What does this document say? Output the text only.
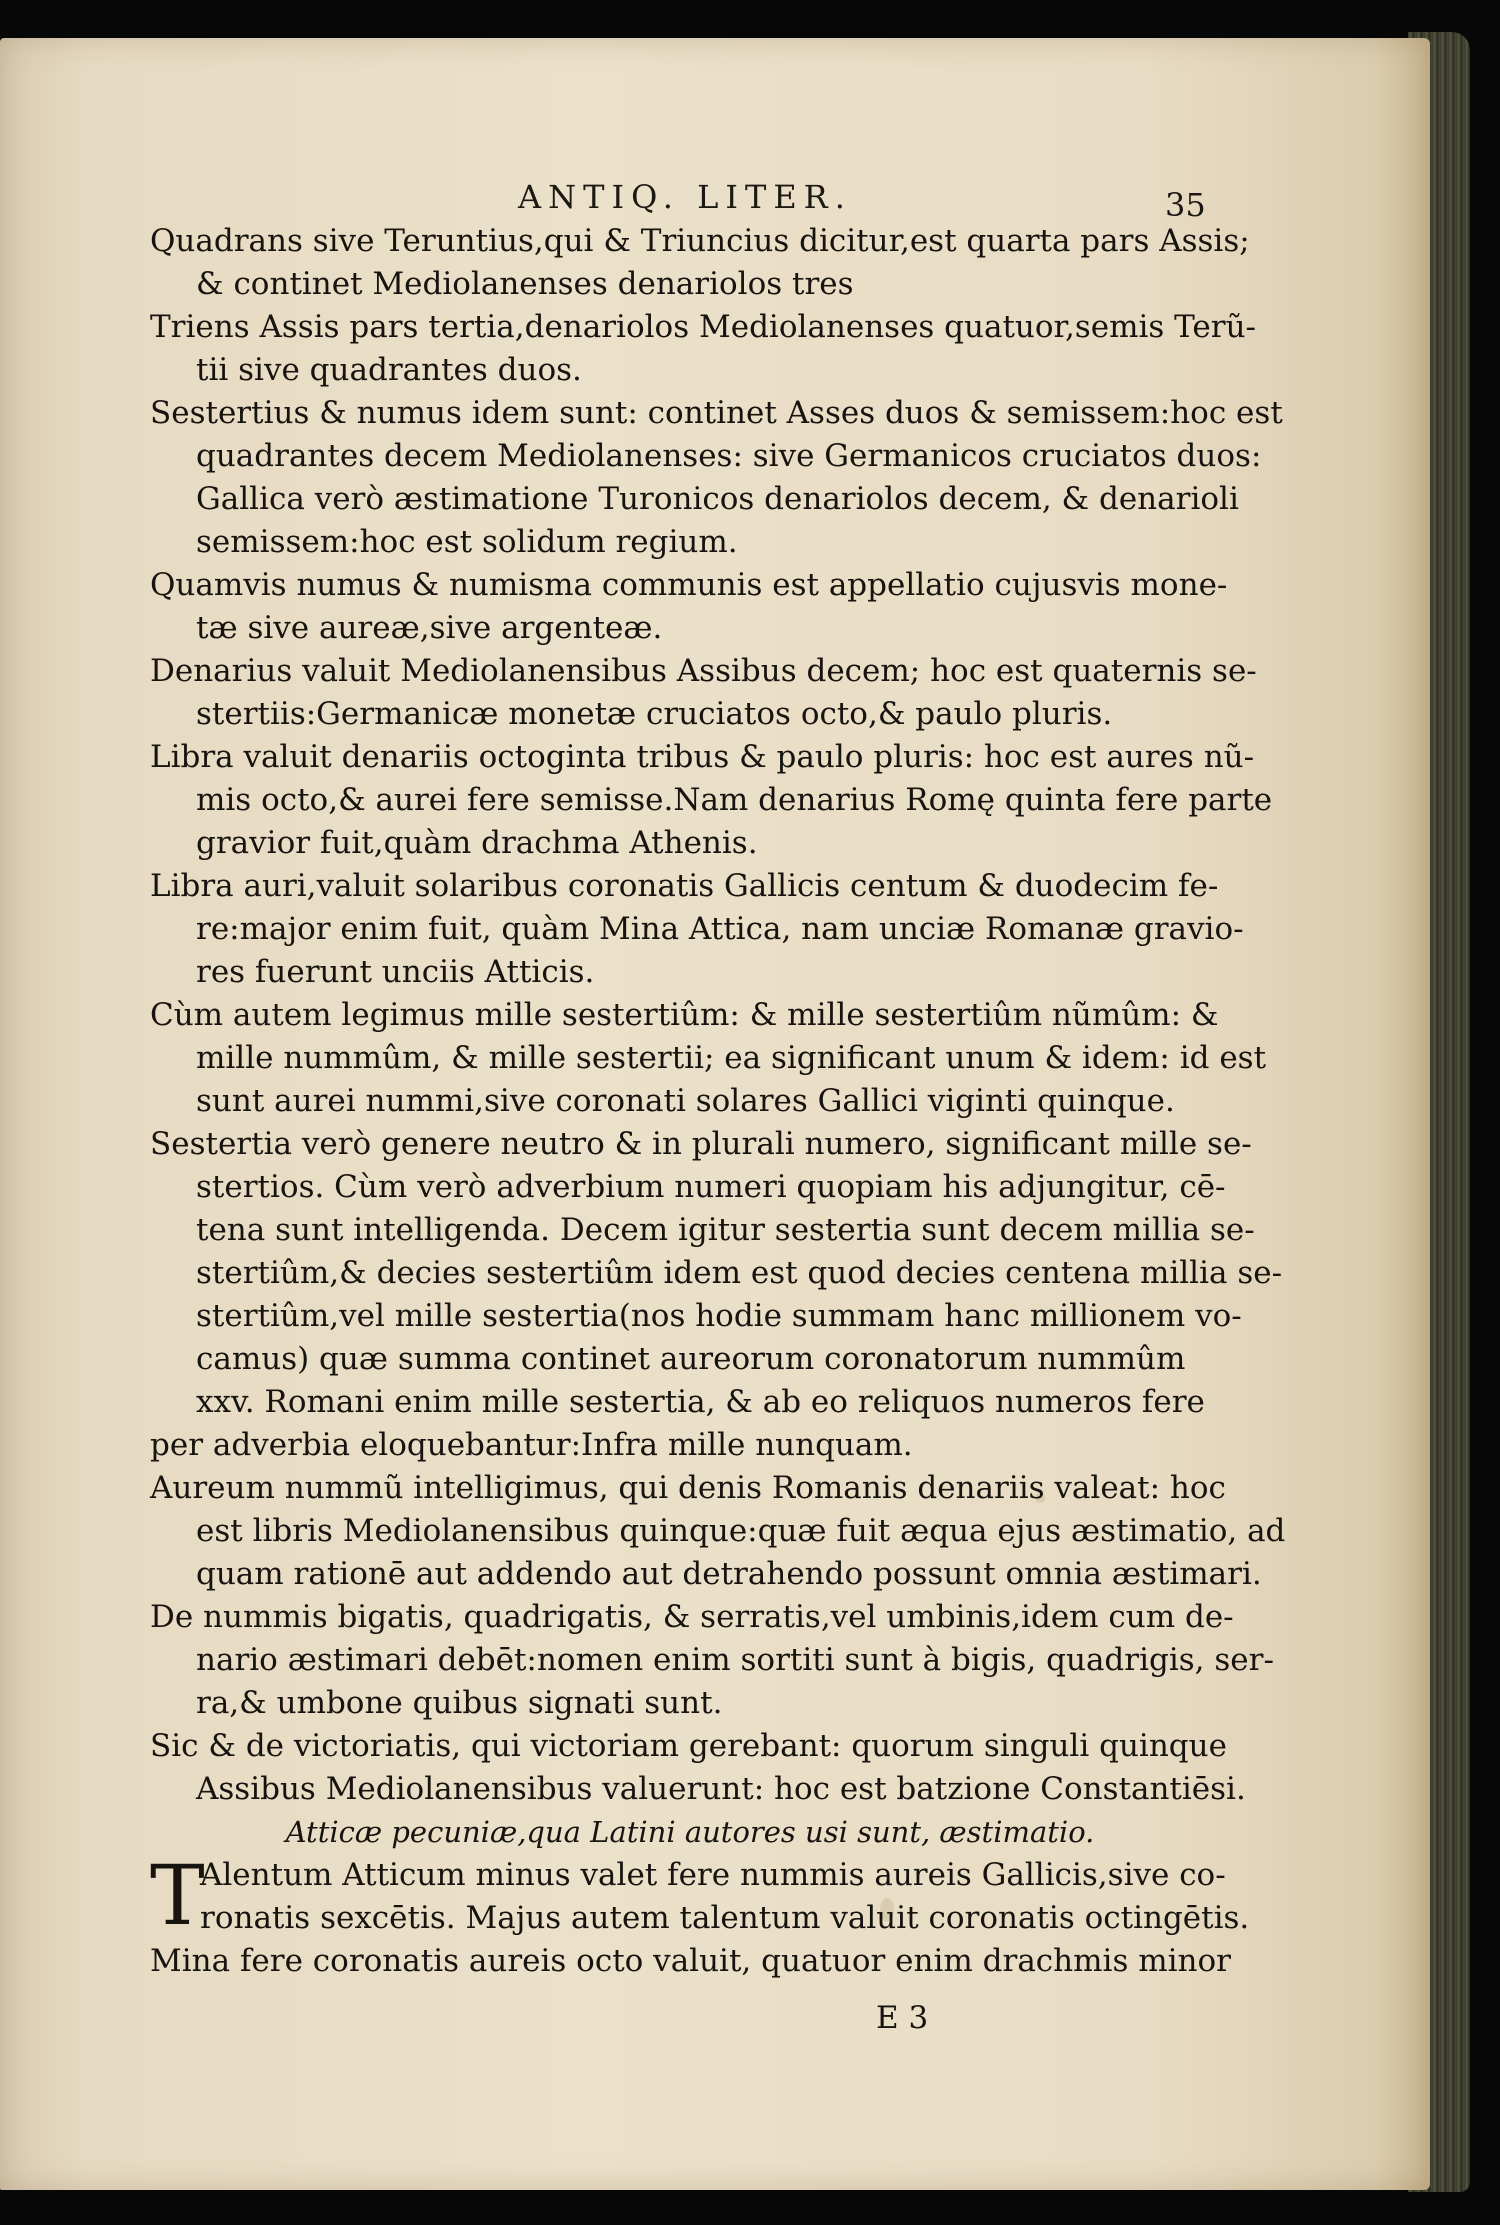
ANTIQ. LITER.	35
Quadrans sive Teruntius,qui & Triuncius dicitur,est quarta pars Assis;
& continet Mediolanenses denariolos tres
Triens Assis pars tertia,denariolos Mediolanenses quatuor,semis Terũ-
tii sive quadrantes duos.
Sestertius & numus idem sunt: continet Asses duos & semissem:hoc est
quadrantes decem Mediolanenses: sive Germanicos cruciatos duos:
Gallica verò æstimatione Turonicos denariolos decem, & denarioli
semissem:hoc est solidum regium.
Quamvis numus & numisma communis est appellatio cujusvis mone-
tæ sive aureæ,sive argenteæ.
Denarius valuit Mediolanensibus Assibus decem; hoc est quaternis se-
stertiis:Germanicæ monetæ cruciatos octo,& paulo pluris.
Libra valuit denariis octoginta tribus & paulo pluris: hoc est aures nũ-
mis octo,& aurei fere semisse.Nam denarius Romę quinta fere parte
gravior fuit,quàm drachma Athenis.
Libra auri,valuit solaribus coronatis Gallicis centum & duodecim fe-
re:major enim fuit, quàm Mina Attica, nam unciæ Romanæ gravio-
res fuerunt unciis Atticis.
Cùm autem legimus mille sestertiûm: & mille sestertiûm nũmûm: &
mille nummûm, & mille sestertii; ea significant unum & idem: id est
sunt aurei nummi,sive coronati solares Gallici viginti quinque.
Sestertia verò genere neutro & in plurali numero, significant mille se-
stertios. Cùm verò adverbium numeri quopiam his adjungitur, cē-
tena sunt intelligenda. Decem igitur sestertia sunt decem millia se-
stertiûm,& decies sestertiûm idem est quod decies centena millia se-
stertiûm,vel mille sestertia(nos hodie summam hanc millionem vo-
camus) quæ summa continet aureorum coronatorum nummûm
xxv. Romani enim mille sestertia, & ab eo reliquos numeros fere
per adverbia eloquebantur:Infra mille nunquam.
Aureum nummũ intelligimus, qui denis Romanis denariis valeat: hoc
est libris Mediolanensibus quinque:quæ fuit æqua ejus æstimatio, ad
quam rationē aut addendo aut detrahendo possunt omnia æstimari.
De nummis bigatis, quadrigatis, & serratis,vel umbinis,idem cum de-
nario æstimari debēt:nomen enim sortiti sunt à bigis, quadrigis, ser-
ra,& umbone quibus signati sunt.
Sic & de victoriatis, qui victoriam gerebant: quorum singuli quinque
Assibus Mediolanensibus valuerunt: hoc est batzione Constantiēsi.
Atticæ pecuniæ,qua Latini autores usi sunt, æstimatio.
T
Alentum Atticum minus valet fere nummis aureis Gallicis,sive co-
ronatis sexcētis. Majus autem talentum valuit coronatis octingētis.
Mina fere coronatis aureis octo valuit, quatuor enim drachmis minor
E 3
